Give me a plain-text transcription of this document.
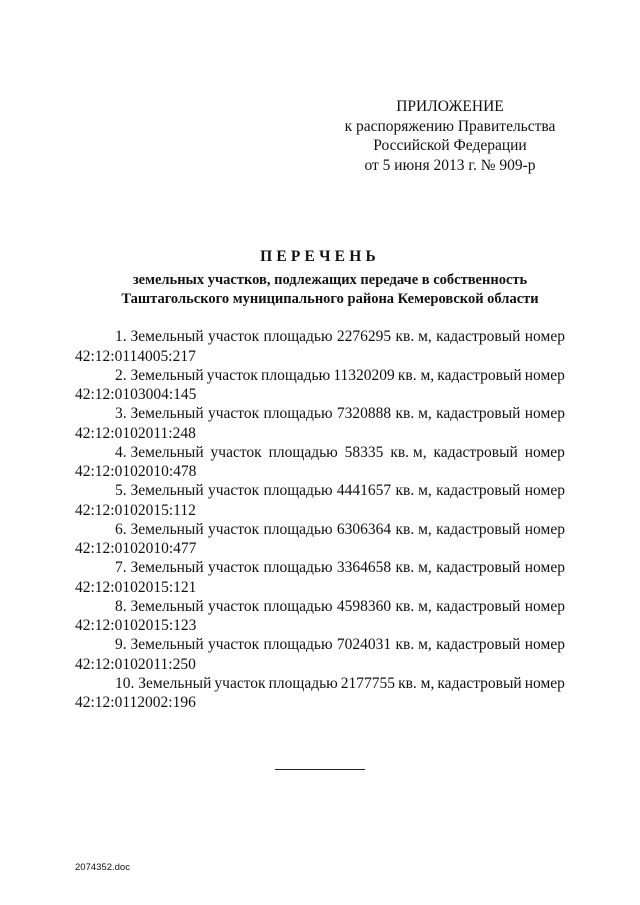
ПРИЛОЖЕНИЕ
к распоряжению Правительства
Российской Федерации
от 5 июня 2013 г. № 909-р
ПЕРЕЧЕНЬ
земельных участков, подлежащих передаче в собственность
Таштагольского муниципального района Кемеровской области
1. Земельный участок площадью 2276295 кв. м, кадастровый номер
42:12:0114005:217
2. Земельный участок площадью 11320209 кв. м, кадастровый номер
42:12:0103004:145
3. Земельный участок площадью 7320888 кв. м, кадастровый номер
42:12:0102011:248
4. Земельный участок площадью 58335 кв. м, кадастровый номер
42:12:0102010:478
5. Земельный участок площадью 4441657 кв. м, кадастровый номер
42:12:0102015:112
6. Земельный участок площадью 6306364 кв. м, кадастровый номер
42:12:0102010:477
7. Земельный участок площадью 3364658 кв. м, кадастровый номер
42:12:0102015:121
8. Земельный участок площадью 4598360 кв. м, кадастровый номер
42:12:0102015:123
9. Земельный участок площадью 7024031 кв. м, кадастровый номер
42:12:0102011:250
10. Земельный участок площадью 2177755 кв. м, кадастровый номер
42:12:0112002:196
2074352.doc
